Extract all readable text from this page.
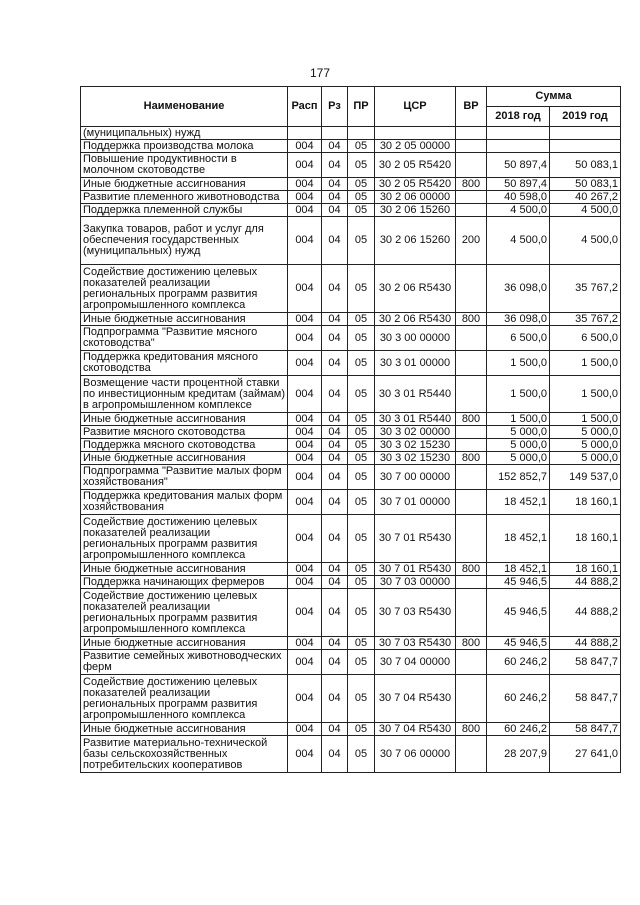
177
Наименование	Расп	Рз	ПР	ЦСР	ВР	Сумма	
						2018 год	2019 год
(муниципальных) нужд							
Поддержка производства молока	004	04	05	30 2 05 00000			
Повышение продуктивности в молочном скотоводстве	004	04	05	30 2 05 R5420		50 897,4	50 083,1
Иные бюджетные ассигнования	004	04	05	30 2 05 R5420	800	50 897,4	50 083,1
Развитие племенного животноводства	004	04	05	30 2 06 00000		40 598,0	40 267,2
Поддержка племенной службы	004	04	05	30 2 06 15260		4 500,0	4 500,0
Закупка товаров, работ и услуг для обеспечения государственных (муниципальных) нужд	004	04	05	30 2 06 15260	200	4 500,0	4 500,0
Содействие достижению целевых показателей реализации региональных программ развития агропромышленного комплекса	004	04	05	30 2 06 R5430		36 098,0	35 767,2
Иные бюджетные ассигнования	004	04	05	30 2 06 R5430	800	36 098,0	35 767,2
Подпрограмма "Развитие мясного скотоводства"	004	04	05	30 3 00 00000		6 500,0	6 500,0
Поддержка кредитования мясного скотоводства	004	04	05	30 3 01 00000		1 500,0	1 500,0
Возмещение части процентной ставки по инвестиционным кредитам (займам) в агропромышленном комплексе	004	04	05	30 3 01 R5440		1 500,0	1 500,0
Иные бюджетные ассигнования	004	04	05	30 3 01 R5440	800	1 500,0	1 500,0
Развитие мясного скотоводства	004	04	05	30 3 02 00000		5 000,0	5 000,0
Поддержка мясного скотоводства	004	04	05	30 3 02 15230		5 000,0	5 000,0
Иные бюджетные ассигнования	004	04	05	30 3 02 15230	800	5 000,0	5 000,0
Подпрограмма "Развитие малых форм хозяйствования"	004	04	05	30 7 00 00000		152 852,7	149 537,0
Поддержка кредитования малых форм хозяйствования	004	04	05	30 7 01 00000		18 452,1	18 160,1
Содействие достижению целевых показателей реализации региональных программ развития агропромышленного комплекса	004	04	05	30 7 01 R5430		18 452,1	18 160,1
Иные бюджетные ассигнования	004	04	05	30 7 01 R5430	800	18 452,1	18 160,1
Поддержка начинающих фермеров	004	04	05	30 7 03 00000		45 946,5	44 888,2
Содействие достижению целевых показателей реализации региональных программ развития агропромышленного комплекса	004	04	05	30 7 03 R5430		45 946,5	44 888,2
Иные бюджетные ассигнования	004	04	05	30 7 03 R5430	800	45 946,5	44 888,2
Развитие семейных животноводческих ферм	004	04	05	30 7 04 00000		60 246,2	58 847,7
Содействие достижению целевых показателей реализации региональных программ развития агропромышленного комплекса	004	04	05	30 7 04 R5430		60 246,2	58 847,7
Иные бюджетные ассигнования	004	04	05	30 7 04 R5430	800	60 246,2	58 847,7
Развитие материально-технической базы сельскохозяйственных потребительских кооперативов	004	04	05	30 7 06 00000		28 207,9	27 641,0
